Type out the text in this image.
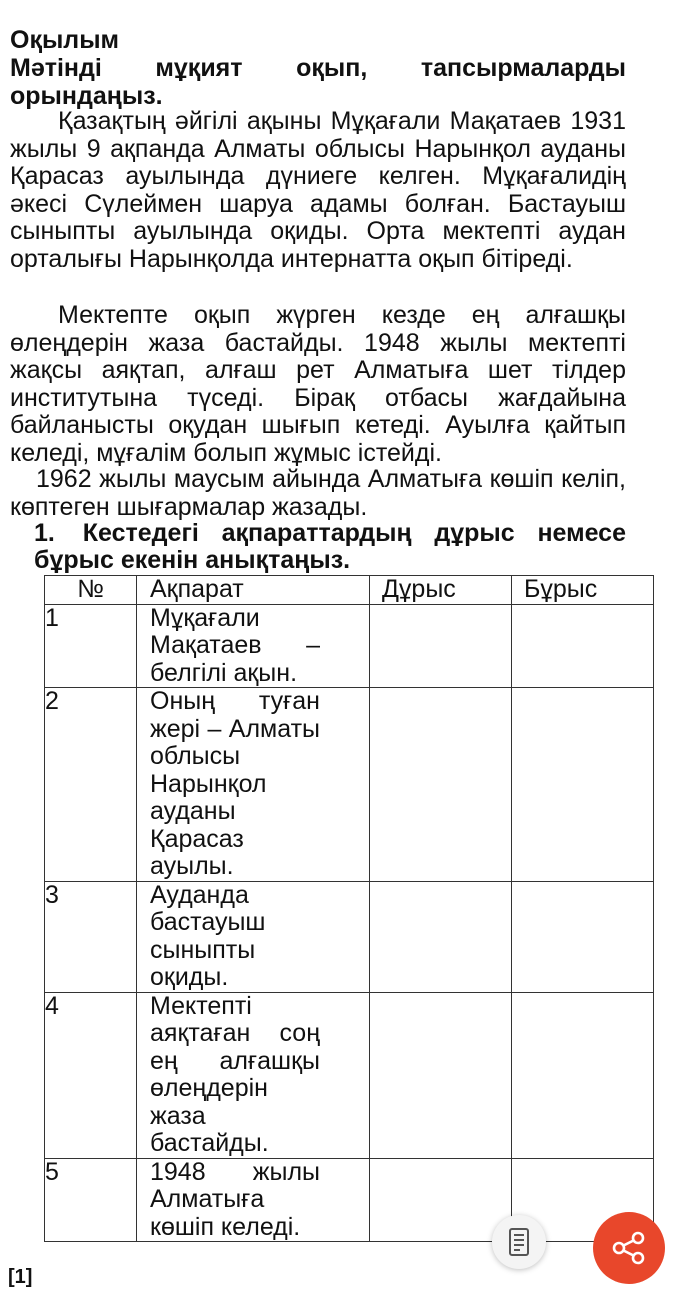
Оқылым
Мәтінді мұқият оқып, тапсырмаларды орындаңыз.
Қазақтың әйгілі ақыны Мұқағали Мақатаев 1931 жылы 9 ақпанда Алматы облысы Нарынқол ауданы Қарасаз ауылында дүниеге келген. Мұқағалидің әкесі Сүлеймен шаруа адамы болған. Бастауыш сыныпты ауылында оқиды. Орта мектепті аудан орталығы Нарынқолда интернатта оқып бітіреді.
Мектепте оқып жүрген кезде ең алғашқы өлеңдерін жаза бастайды. 1948 жылы мектепті жақсы аяқтап, алғаш рет Алматыға шет тілдер институтына түседі. Бірақ отбасы жағдайына байланысты оқудан шығып кетеді. Ауылға қайтып келеді, мұғалім болып жұмыс істейді.
1962 жылы маусым айында Алматыға көшіп келіп, көптеген шығармалар жазады.
1. Кестедегі ақпараттардың дұрыс немесе бұрыс екенін анықтаңыз.
№	Ақпарат	Дұрыс	Бұрыс
1	Мұқағали Мақатаев – белгілі ақын.		

2	Оның туған жері – Алматы облысы Нарынқол ауданы Қарасаз ауылы.		

3	Ауданда бастауыш сыныпты оқиды.		

4	Мектепті аяқтаған соң ең алғашқы өлеңдерін жаза бастайды.		

5	1948 жылы Алматыға көшіп келеді.		

[1]
